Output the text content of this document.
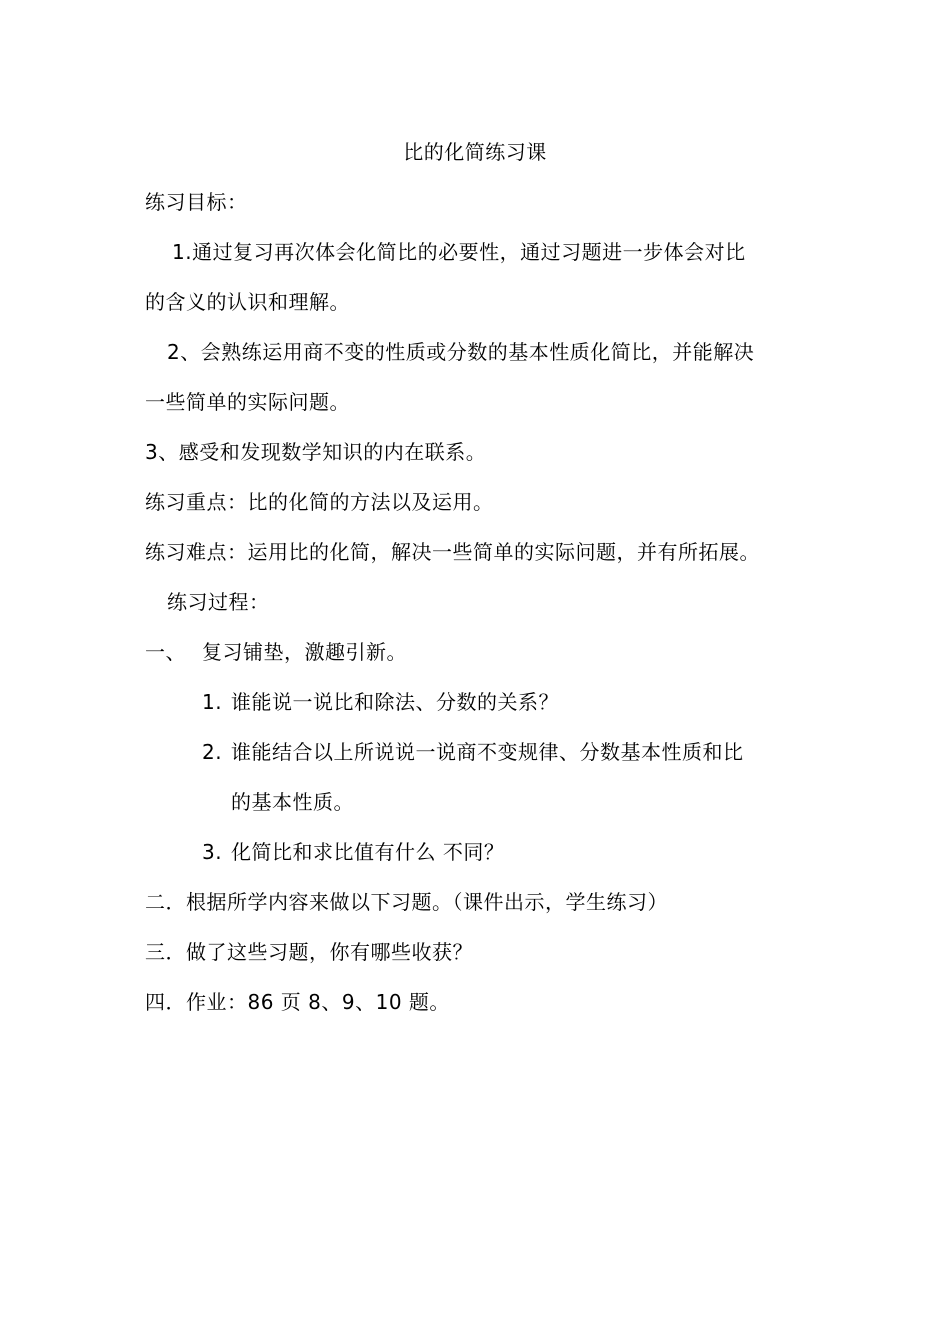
比的化简练习课
练习目标：
1.通过复习再次体会化简比的必要性，通过习题进一步体会对比
的含义的认识和理解。
2、会熟练运用商不变的性质或分数的基本性质化简比，并能解决
一些简单的实际问题。
3、感受和发现数学知识的内在联系。
练习重点：比的化简的方法以及运用。
练习难点：运用比的化简，解决一些简单的实际问题，并有所拓展。
练习过程：
一、 复习铺垫，激趣引新。
1. 谁能说一说比和除法、分数的关系？
2. 谁能结合以上所说说一说商不变规律、分数基本性质和比
的基本性质。
3. 化简比和求比值有什么 不同？
二．根据所学内容来做以下习题。（课件出示，学生练习）
三．做了这些习题，你有哪些收获？
四．作业：86 页 8、9、10 题。
